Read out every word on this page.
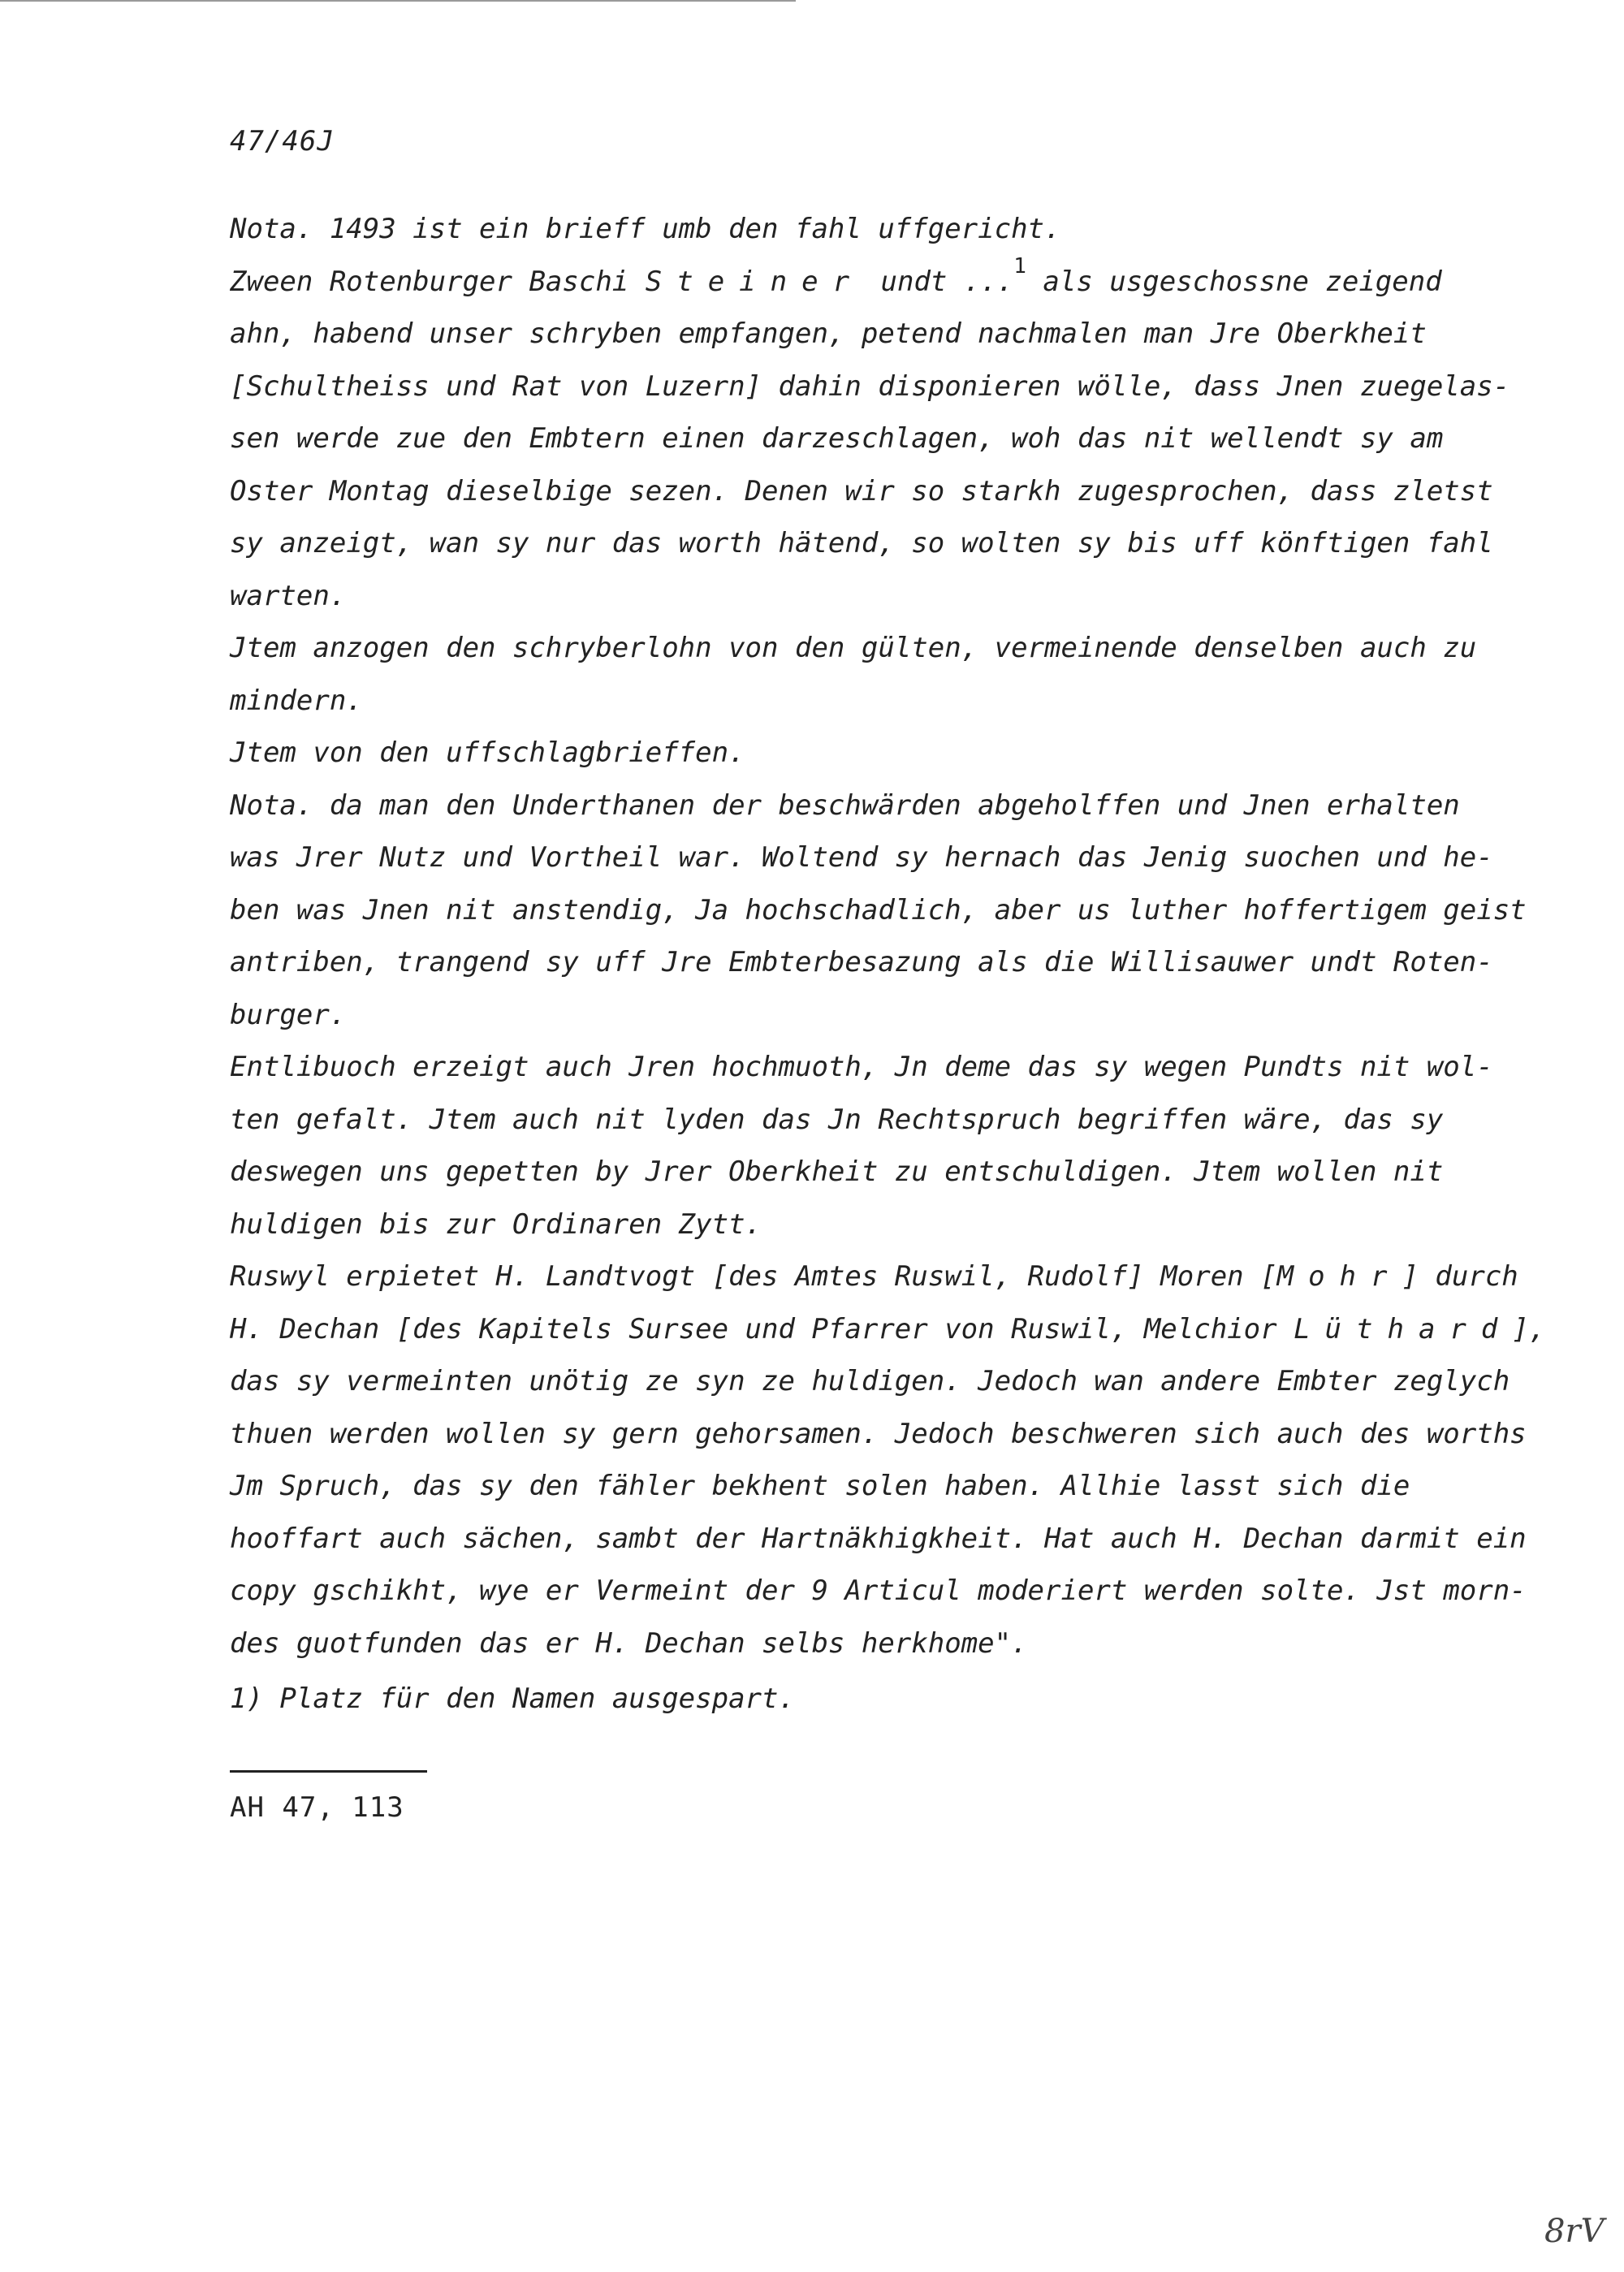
47/46J
Nota. 1493 ist ein brieff umb den fahl uffgericht.
Zween Rotenburger Baschi Steiner undt ...$^1$ als usgeschossne zeigend
ahn, habend unser schryben empfangen, petend nachmalen man Jre Oberkheit
[Schultheiss und Rat von Luzern] dahin disponieren wölle, dass Jnen zuegelas-
sen werde zue den Embtern einen darzeschlagen, woh das nit wellendt sy am
Oster Montag dieselbige sezen. Denen wir so starkh zugesprochen, dass zletst
sy anzeigt, wan sy nur das worth hätend, so wolten sy bis uff könftigen fahl
warten.
Jtem anzogen den schryberlohn von den gülten, vermeinende denselben auch zu
mindern.
Jtem von den uffschlagbrieffen.
Nota. da man den Underthanen der beschwärden abgeholffen und Jnen erhalten
was Jrer Nutz und Vortheil war. Woltend sy hernach das Jenig suochen und he-
ben was Jnen nit anstendig, Ja hochschadlich, aber us luther hoffertigem geist
antriben, trangend sy uff Jre Embterbesazung als die Willisauwer undt Roten-
burger.
Entlibuoch erzeigt auch Jren hochmuoth, Jn deme das sy wegen Pundts nit wol-
ten gefalt. Jtem auch nit lyden das Jn Rechtspruch begriffen wäre, das sy
deswegen uns gepetten by Jrer Oberkheit zu entschuldigen. Jtem wollen nit
huldigen bis zur Ordinaren Zytt.
Ruswyl erpietet H. Landtvogt [des Amtes Ruswil, Rudolf] Moren [Mohr] durch
H. Dechan [des Kapitels Sursee und Pfarrer von Ruswil, Melchior Lüthard],
das sy vermeinten unötig ze syn ze huldigen. Jedoch wan andere Embter zeglych
thuen werden wollen sy gern gehorsamen. Jedoch beschweren sich auch des worths
Jm Spruch, das sy den fähler bekhent solen haben. Allhie lasst sich die
hooffart auch sächen, sambt der Hartnäkhigkheit. Hat auch H. Dechan darmit ein
copy gschikht, wye er Vermeint der 9 Articul moderiert werden solte. Jst morn-
des guotfunden das er H. Dechan selbs herkhome".
1) Platz für den Namen ausgespart.
AH 47, 113
8rV
